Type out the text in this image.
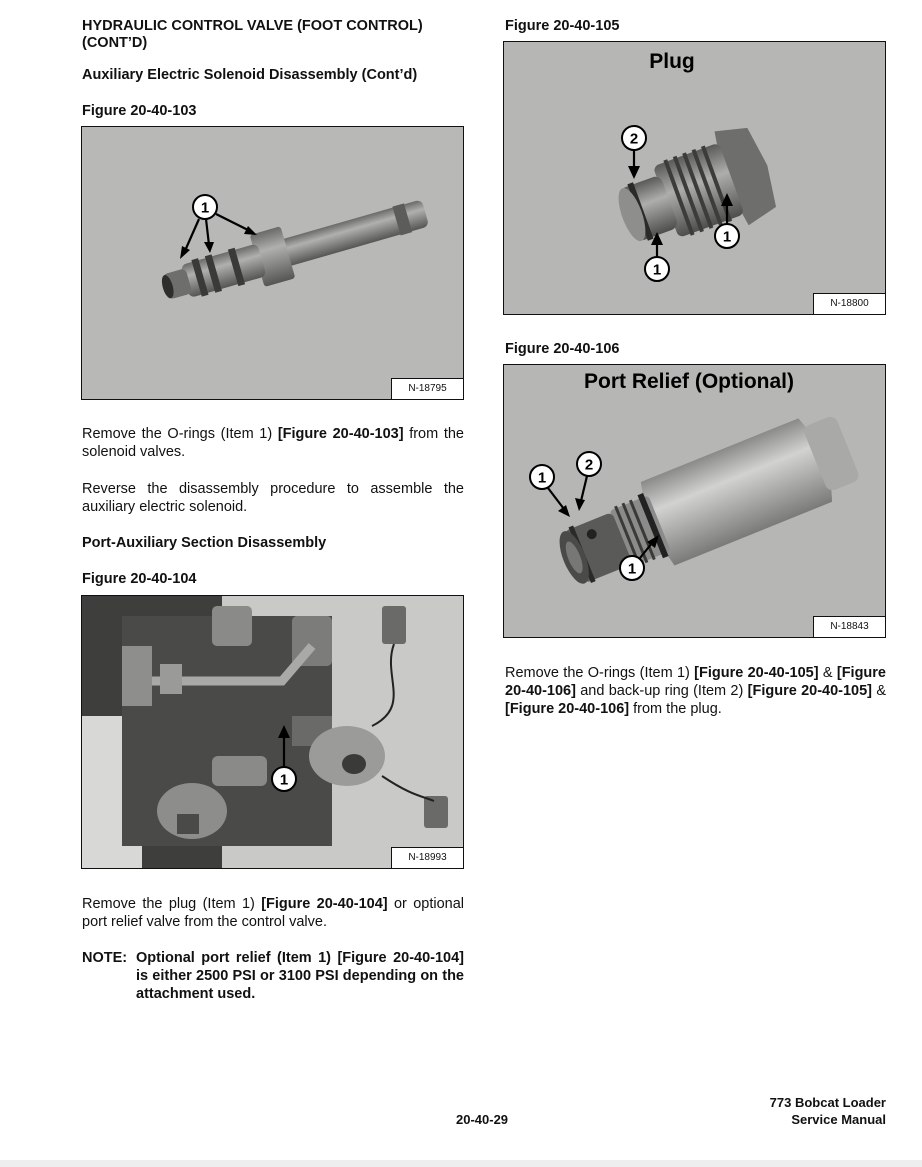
HYDRAULIC CONTROL VALVE (FOOT CONTROL)
(CONT’D)
Auxiliary Electric Solenoid Disassembly (Cont’d)
Figure 20-40-103
1
N-18795

Remove the O-rings (Item 1) [Figure 20-40-103] from the solenoid valves.

Reverse the disassembly procedure to assemble the auxiliary electric solenoid.

Port-Auxiliary Section Disassembly
Figure 20-40-104
1
N-18993

Remove the plug (Item 1) [Figure 20-40-104] or optional port relief valve from the control valve.

NOTE: Optional port relief (Item 1) [Figure 20-40-104] is either 2500 PSI or 3100 PSI depending on the attachment used.
Figure 20-40-105
Plug
2
1
1
N-18800
Figure 20-40-106
Port Relief (Optional)
1
2
1
N-18843

Remove the O-rings (Item 1) [Figure 20-40-105] & [Figure 20-40-106] and back-up ring (Item 2) [Figure 20-40-105] & [Figure 20-40-106] from the plug.

20-40-29
773 Bobcat Loader
Service Manual
